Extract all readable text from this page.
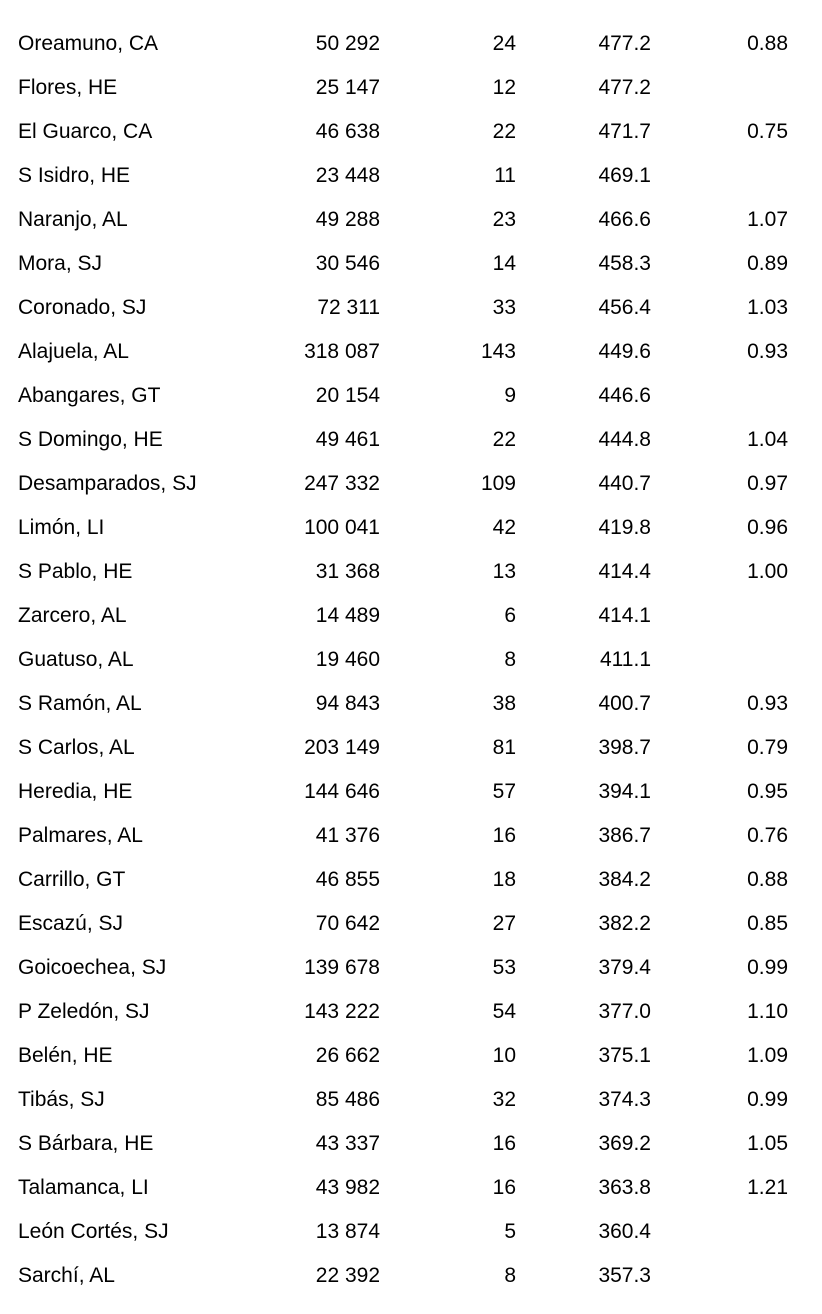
Oreamuno, CA	50 292	24	477.2	0.88
Flores, HE	25 147	12	477.2
El Guarco, CA	46 638	22	471.7	0.75
S Isidro, HE	23 448	11	469.1
Naranjo, AL	49 288	23	466.6	1.07
Mora, SJ	30 546	14	458.3	0.89
Coronado, SJ	72 311	33	456.4	1.03
Alajuela, AL	318 087	143	449.6	0.93
Abangares, GT	20 154	9	446.6
S Domingo, HE	49 461	22	444.8	1.04
Desamparados, SJ	247 332	109	440.7	0.97
Limón, LI	100 041	42	419.8	0.96
S Pablo, HE	31 368	13	414.4	1.00
Zarcero, AL	14 489	6	414.1
Guatuso, AL	19 460	8	411.1
S Ramón, AL	94 843	38	400.7	0.93
S Carlos, AL	203 149	81	398.7	0.79
Heredia, HE	144 646	57	394.1	0.95
Palmares, AL	41 376	16	386.7	0.76
Carrillo, GT	46 855	18	384.2	0.88
Escazú, SJ	70 642	27	382.2	0.85
Goicoechea, SJ	139 678	53	379.4	0.99
P Zeledón, SJ	143 222	54	377.0	1.10
Belén, HE	26 662	10	375.1	1.09
Tibás, SJ	85 486	32	374.3	0.99
S Bárbara, HE	43 337	16	369.2	1.05
Talamanca, LI	43 982	16	363.8	1.21
León Cortés, SJ	13 874	5	360.4
Sarchí, AL	22 392	8	357.3
